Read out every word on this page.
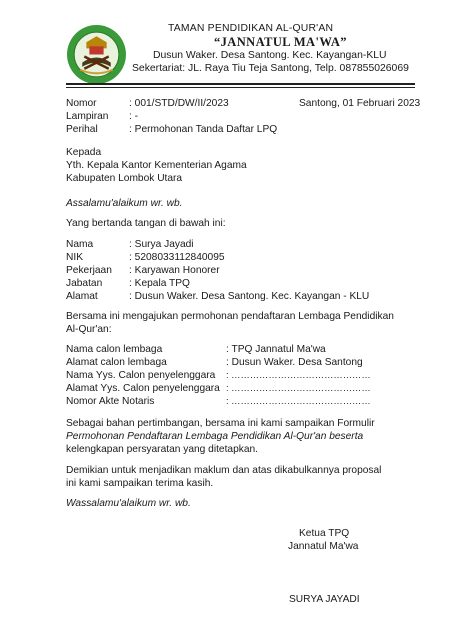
TAMAN PENDIDIKAN AL-QUR'AN
“JANNATUL MA'WA”
Dusun Waker. Desa Santong. Kec. Kayangan-KLU
Sekertariat: JL. Raya Tiu Teja Santong, Telp. 087855026069
Nomor	: 001/STD/DW/II/2023	Santong, 01 Februari 2023
Lampiran : -
Perihal	: Permohonan Tanda Daftar LPQ
Kepada
Yth. Kepala Kantor Kementerian Agama
Kabupaten Lombok Utara
Assalamu'alaikum wr. wb.
Yang bertanda tangan di bawah ini:
Nama	: Surya Jayadi
NIK	: 5208033112840095
Pekerjaan : Karyawan Honorer
Jabatan	: Kepala TPQ
Alamat	: Dusun Waker. Desa Santong. Kec. Kayangan - KLU
Bersama ini mengajukan permohonan pendaftaran Lembaga Pendidikan
Al-Qur'an:
Nama calon lembaga	: TPQ Jannatul Ma'wa
Alamat calon lembaga	: Dusun Waker. Desa Santong
Nama Yys. Calon penyelenggara : ………………………………………
Alamat Yys. Calon penyelenggara : ………………………………………
Nomor Akte Notaris	: ………………………………………
Sebagai bahan pertimbangan, bersama ini kami sampaikan Formulir
Permohonan Pendaftaran Lembaga Pendidikan Al-Qur'an beserta
kelengkapan persyaratan yang ditetapkan.
Demikian untuk menjadikan maklum dan atas dikabulkannya proposal
ini kami sampaikan terima kasih.
Wassalamu'alaikum wr. wb.
Ketua TPQ
Jannatul Ma'wa
SURYA JAYADI
